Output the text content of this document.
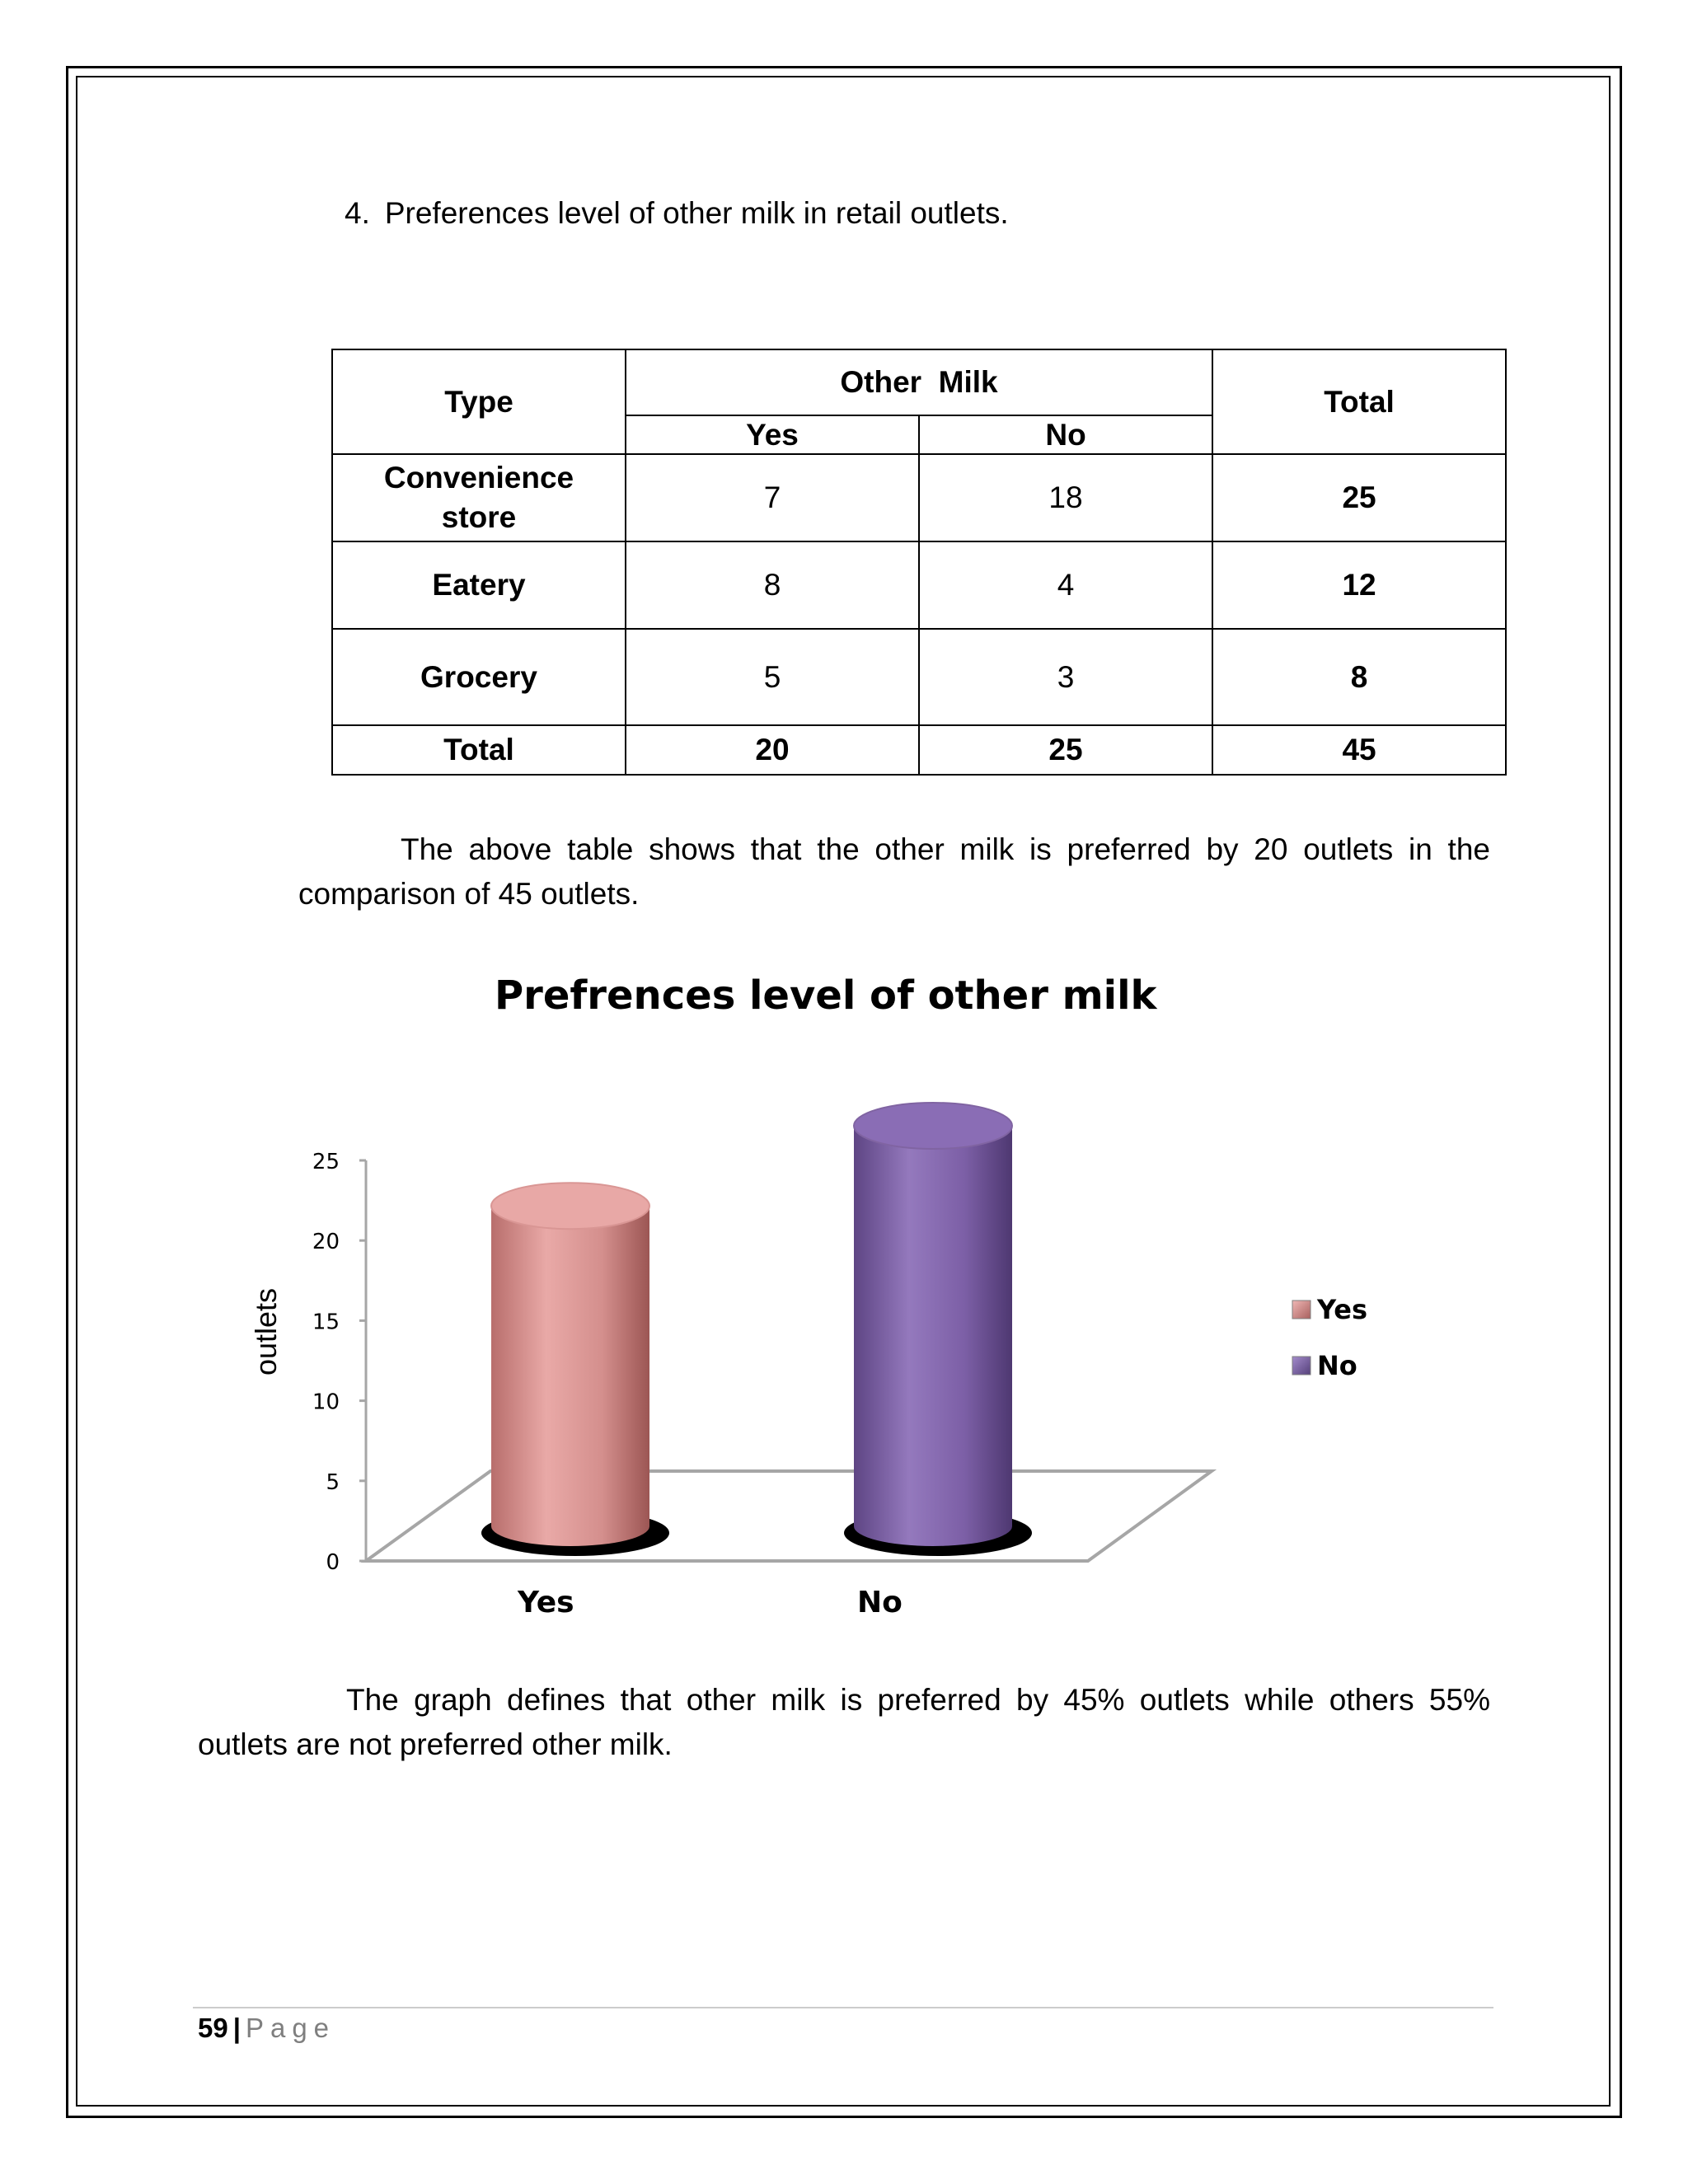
4. Preferences level of other milk in retail outlets.
Type	Other  Milk		Total
	Yes	No	
Convenience
store	7	18	25
Eatery	8	4	12
Grocery	5	3	8
Total	20	25	45
The above table shows that the other milk is preferred by 20 outlets in the comparison of 45 outlets.
Prefrences level of other milk
0
5
10
15
20
25
outlets
Yes	No
Yes
No
The graph defines that other milk is preferred by 45% outlets while others 55% outlets are not preferred other milk.
59 | Page
